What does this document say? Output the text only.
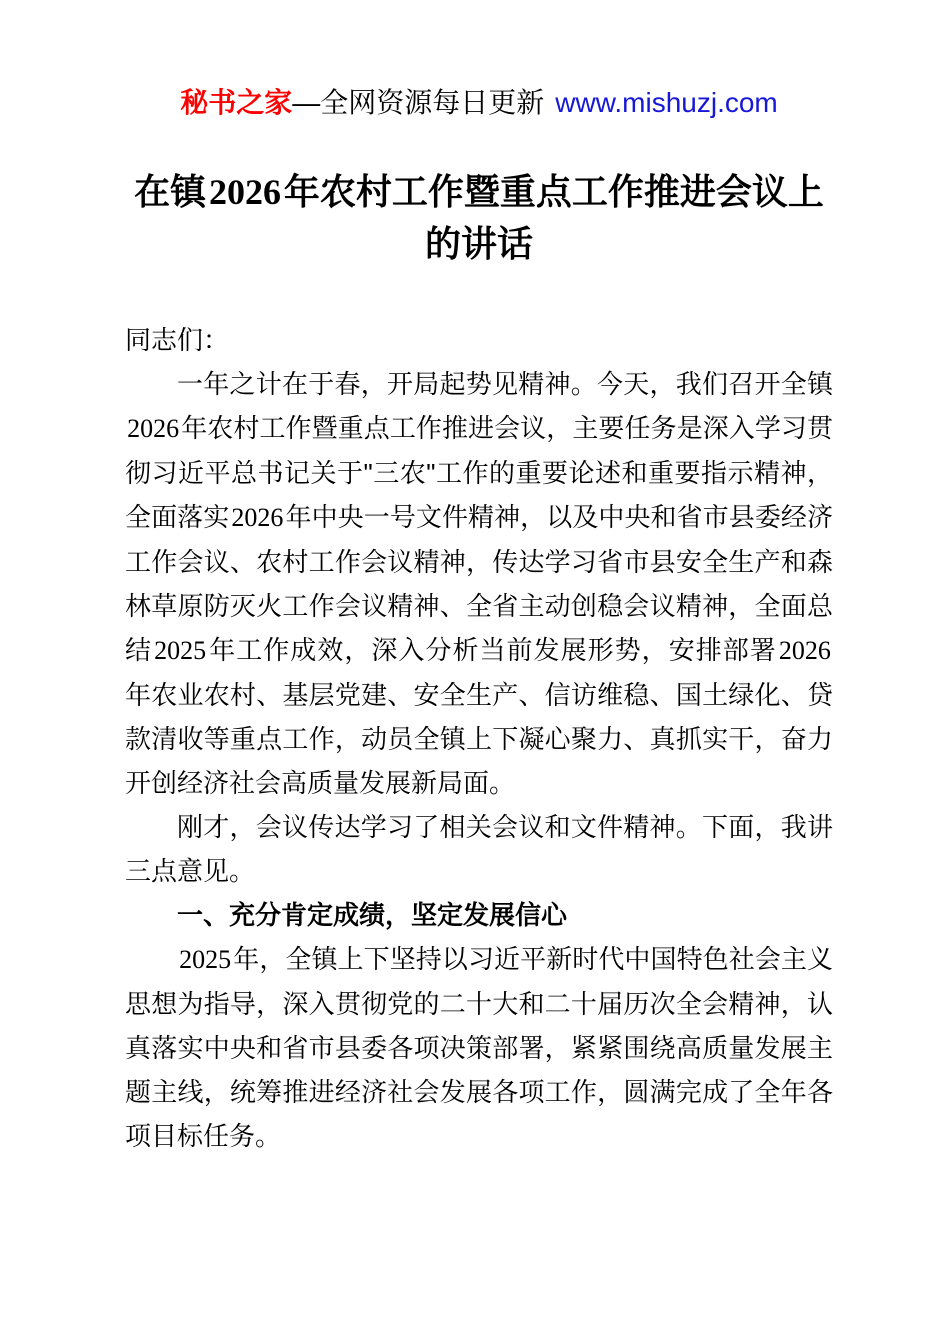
秘书之家—全网资源每日更新 www.mishuzj.com
在镇2026年农村工作暨重点工作推进会议上
的讲话

同志们：

一年之计在于春，开局起势见精神。今天，我们召开全镇2026年农村工作暨重点工作推进会议，主要任务是深入学习贯彻习近平总书记关于"三农"工作的重要论述和重要指示精神，全面落实2026年中央一号文件精神，以及中央和省市县委经济工作会议、农村工作会议精神，传达学习省市县安全生产和森林草原防灭火工作会议精神、全省主动创稳会议精神，全面总结2025年工作成效，深入分析当前发展形势，安排部署2026年农业农村、基层党建、安全生产、信访维稳、国土绿化、贷款清收等重点工作，动员全镇上下凝心聚力、真抓实干，奋力开创经济社会高质量发展新局面。

刚才，会议传达学习了相关会议和文件精神。下面，我讲三点意见。

一、充分肯定成绩，坚定发展信心

2025年，全镇上下坚持以习近平新时代中国特色社会主义思想为指导，深入贯彻党的二十大和二十届历次全会精神，认真落实中央和省市县委各项决策部署，紧紧围绕高质量发展主题主线，统筹推进经济社会发展各项工作，圆满完成了全年各项目标任务。
